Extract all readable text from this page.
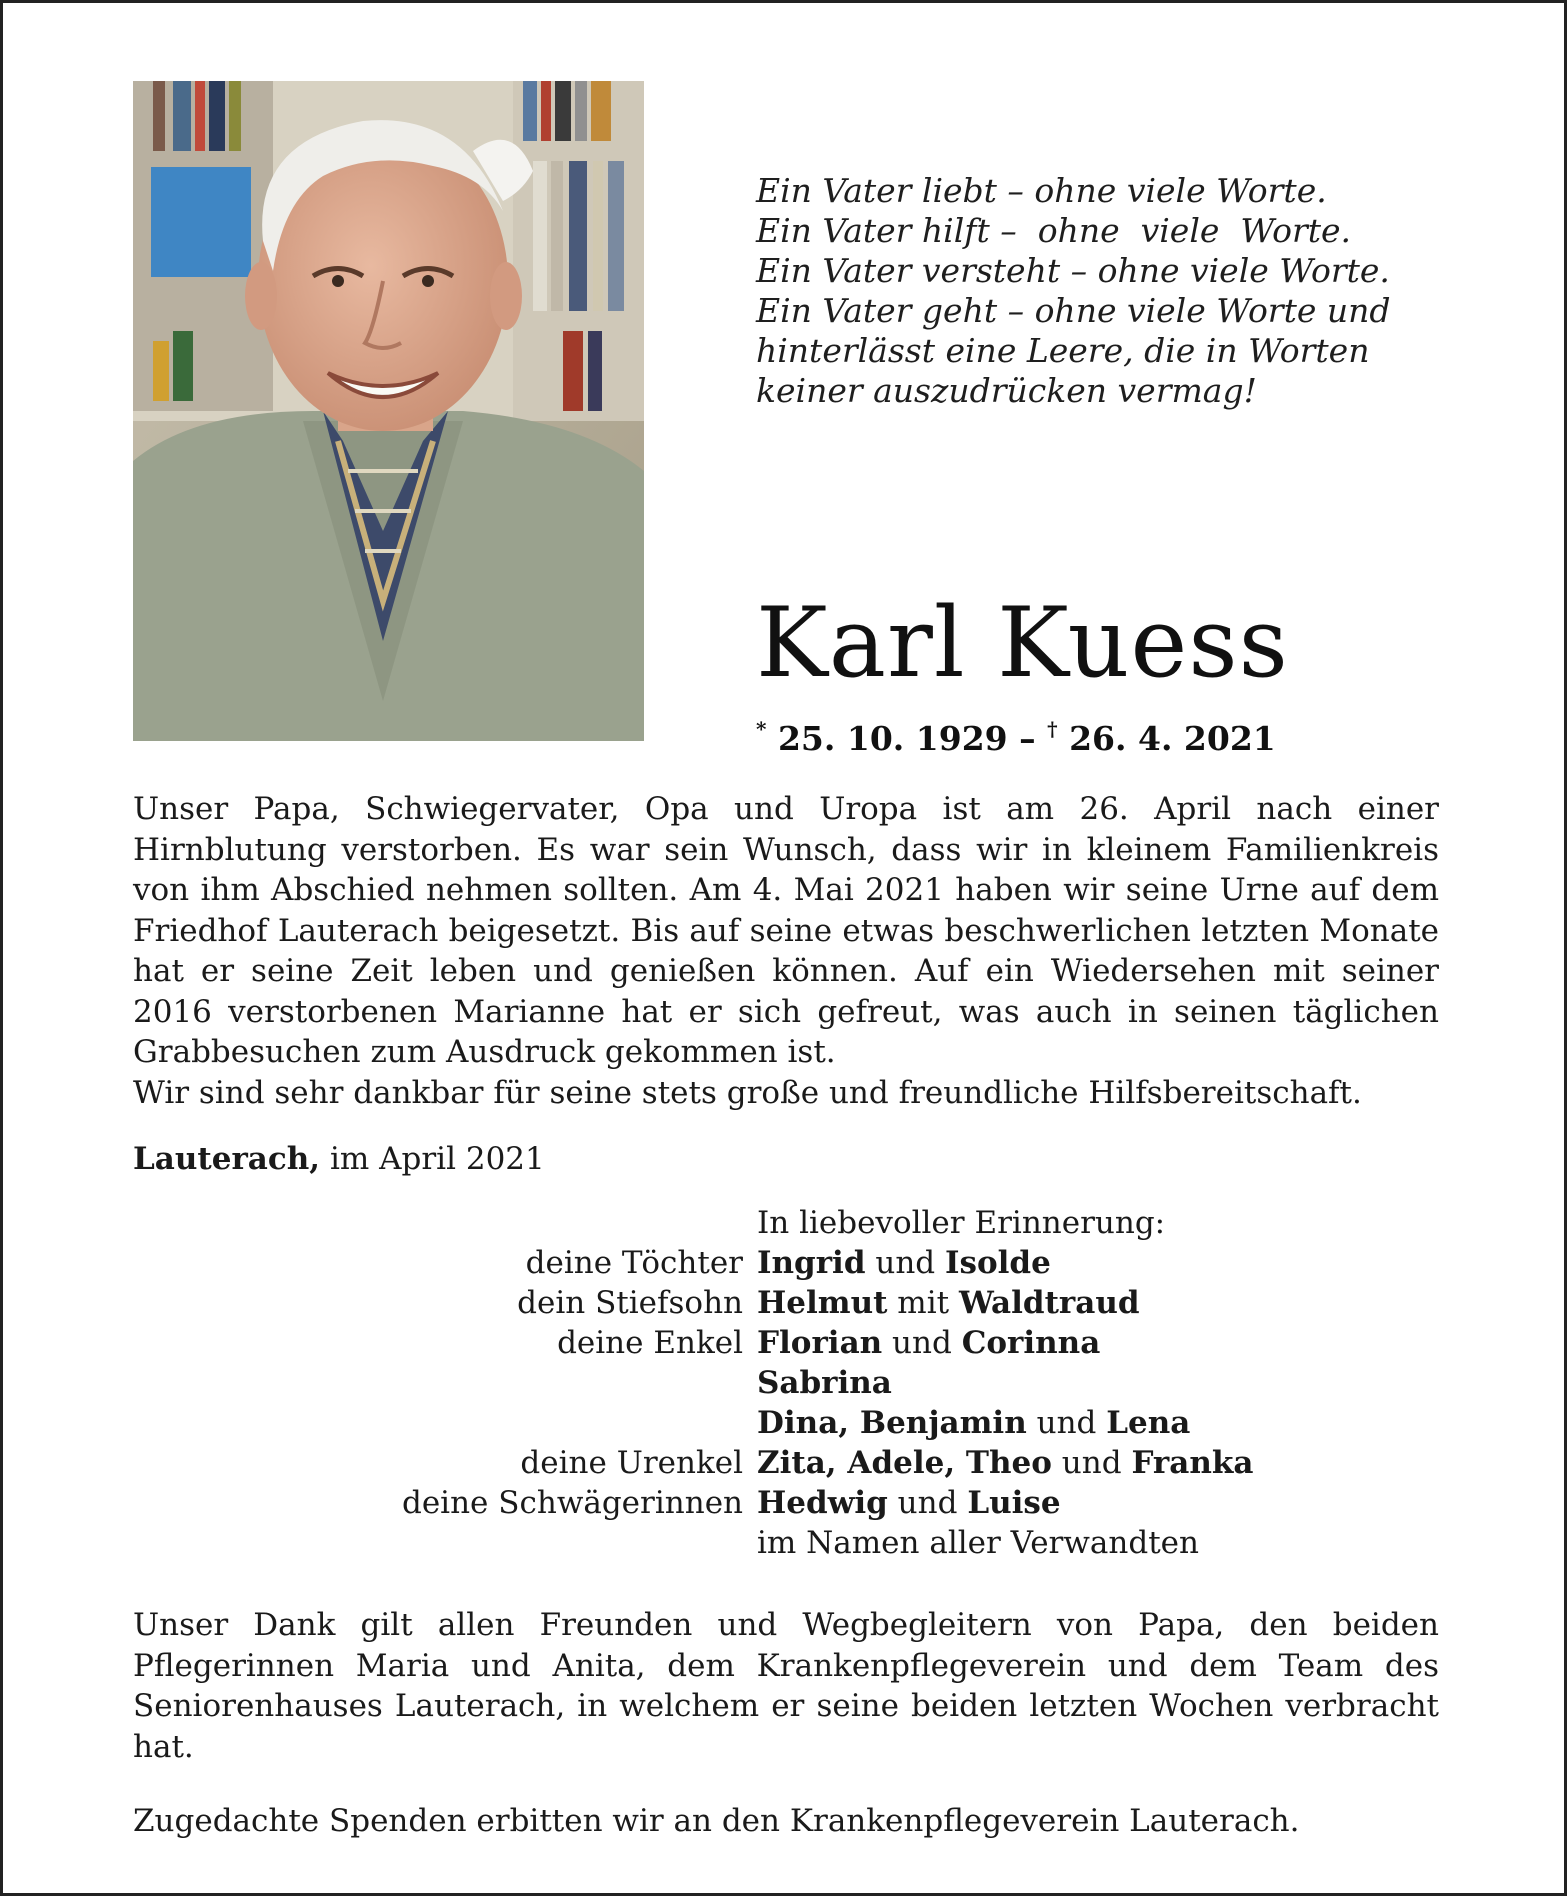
Ein Vater liebt – ohne viele Worte.
Ein Vater hilft –  ohne  viele  Worte.
Ein Vater versteht – ohne viele Worte.
Ein Vater geht – ohne viele Worte und
hinterlässt eine Leere, die in Worten
keiner auszudrücken vermag!
Karl Kuess
* 25. 10. 1929 – † 26. 4. 2021
Unser Papa, Schwiegervater, Opa und Uropa ist am 26. April nach einer Hirnblutung verstorben. Es war sein Wunsch, dass wir in kleinem Familienkreis von ihm Abschied nehmen sollten. Am 4. Mai 2021 haben wir seine Urne auf dem Friedhof Lauterach beigesetzt. Bis auf seine etwas beschwerlichen letzten Monate hat er seine Zeit leben und genießen können. Auf ein Wiedersehen mit seiner 2016 verstorbenen Marianne hat er sich gefreut, was auch in seinen täglichen Grabbesuchen zum Ausdruck gekommen ist.
Wir sind sehr dankbar für seine stets große und freundliche Hilfsbereitschaft.
Lauterach, im April 2021
In liebevoller Erinnerung:
deine Töchter Ingrid und Isolde
dein Stiefsohn Helmut mit Waldtraud
deine Enkel Florian und Corinna
Sabrina
Dina, Benjamin und Lena
deine Urenkel Zita, Adele, Theo und Franka
deine Schwägerinnen Hedwig und Luise
im Namen aller Verwandten
Unser Dank gilt allen Freunden und Wegbegleitern von Papa, den beiden Pflegerinnen Maria und Anita, dem Krankenpflegeverein und dem Team des Seniorenhauses Lauterach, in welchem er seine beiden letzten Wochen verbracht hat.
Zugedachte Spenden erbitten wir an den Krankenpflegeverein Lauterach.
